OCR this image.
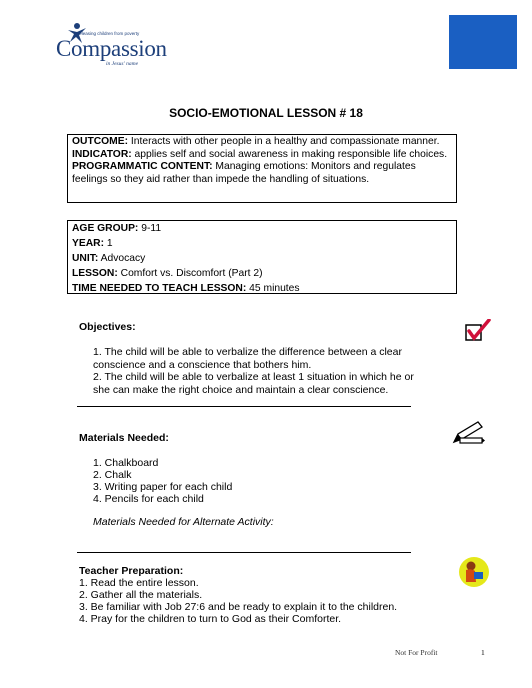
Releasing children from poverty
Compassion
in Jesus' name
SOCIO-EMOTIONAL LESSON # 18

OUTCOME: Interacts with other people in a healthy and compassionate manner.

INDICATOR: applies self and social awareness in making responsible life choices.

PROGRAMMATIC CONTENT: Managing emotions: Monitors and regulates feelings so they aid rather than impede the handling of situations.

AGE GROUP: 9-11

YEAR: 1

UNIT: Advocacy

LESSON: Comfort vs. Discomfort (Part 2)

TIME NEEDED TO TEACH LESSON: 45 minutes

Objectives:
1. The child will be able to verbalize the difference between a clear conscience and a conscience that bothers him.
2. The child will be able to verbalize at least 1 situation in which he or she can make the right choice and maintain a clear conscience.
Materials Needed:
1. Chalkboard
2. Chalk
3. Writing paper for each child
4. Pencils for each child
Materials Needed for Alternate Activity:
Teacher Preparation:
1. Read the entire lesson.
2. Gather all the materials.
3. Be familiar with Job 27:6 and be ready to explain it to the children.
4. Pray for the children to turn to God as their Comforter.
Not For Profit	1
